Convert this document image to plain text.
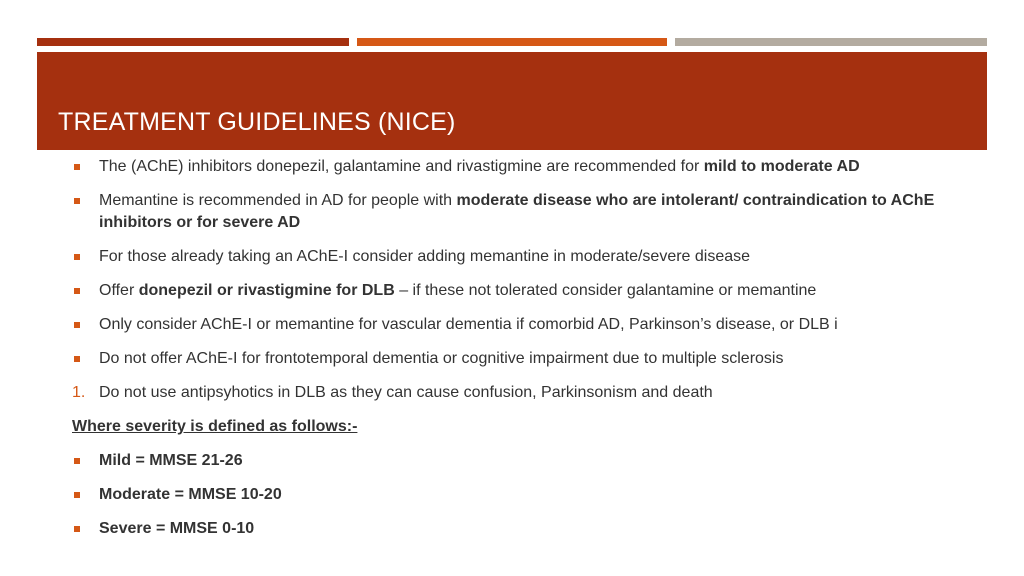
TREATMENT GUIDELINES (NICE)
The (AChE) inhibitors donepezil, galantamine and rivastigmine are recommended for mild to moderate AD
Memantine is recommended in AD for people with moderate disease who are intolerant/ contraindication to AChE inhibitors or for severe AD
For those already taking an AChE-I consider adding memantine in moderate/severe disease
Offer donepezil or rivastigmine for DLB – if these not tolerated consider galantamine or memantine
Only consider AChE-I or memantine for vascular dementia if comorbid AD, Parkinson’s disease, or DLB i
Do not offer AChE-I for frontotemporal dementia or cognitive impairment due to multiple sclerosis
1. Do not use antipsyhotics in DLB as they can cause confusion, Parkinsonism and death
Where severity is defined as follows:-
Mild = MMSE 21-26
Moderate = MMSE 10-20
Severe = MMSE 0-10
